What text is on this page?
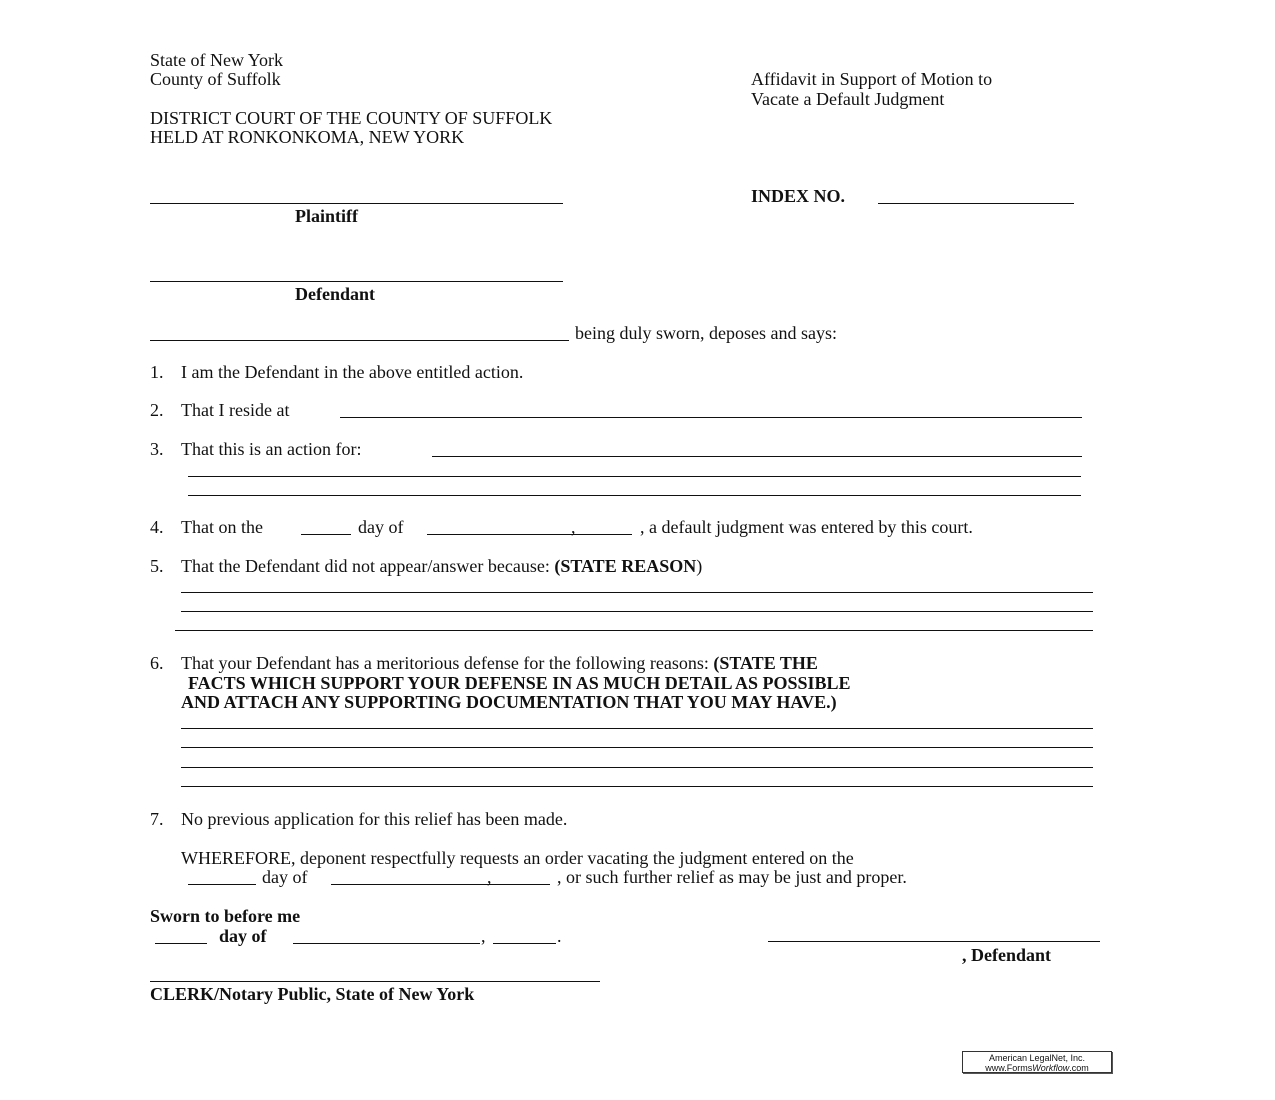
State of New York
County of Suffolk
DISTRICT COURT OF THE COUNTY OF SUFFOLK
HELD AT RONKONKOMA, NEW YORK
Affidavit in Support of Motion to
Vacate a Default Judgment
Plaintiff
INDEX NO.
Defendant
being duly sworn, deposes and says:
1. I am the Defendant in the above entitled action.
2. That I reside at
3. That this is an action for:
4. That on the	day of	,	, a default judgment was entered by this court.
5. That the Defendant did not appear/answer because: (STATE REASON)
6. That your Defendant has a meritorious defense for the following reasons: (STATE THE
FACTS WHICH SUPPORT YOUR DEFENSE IN AS MUCH DETAIL AS POSSIBLE
AND ATTACH ANY SUPPORTING DOCUMENTATION THAT YOU MAY HAVE.)
7. No previous application for this relief has been made.
WHEREFORE, deponent respectfully requests an order vacating the judgment entered on the
day of	,	, or such further relief as may be just and proper.
Sworn to before me
day of	,	.
, Defendant
CLERK/Notary Public, State of New York
American LegalNet, Inc.
www.FormsWorkflow.com
